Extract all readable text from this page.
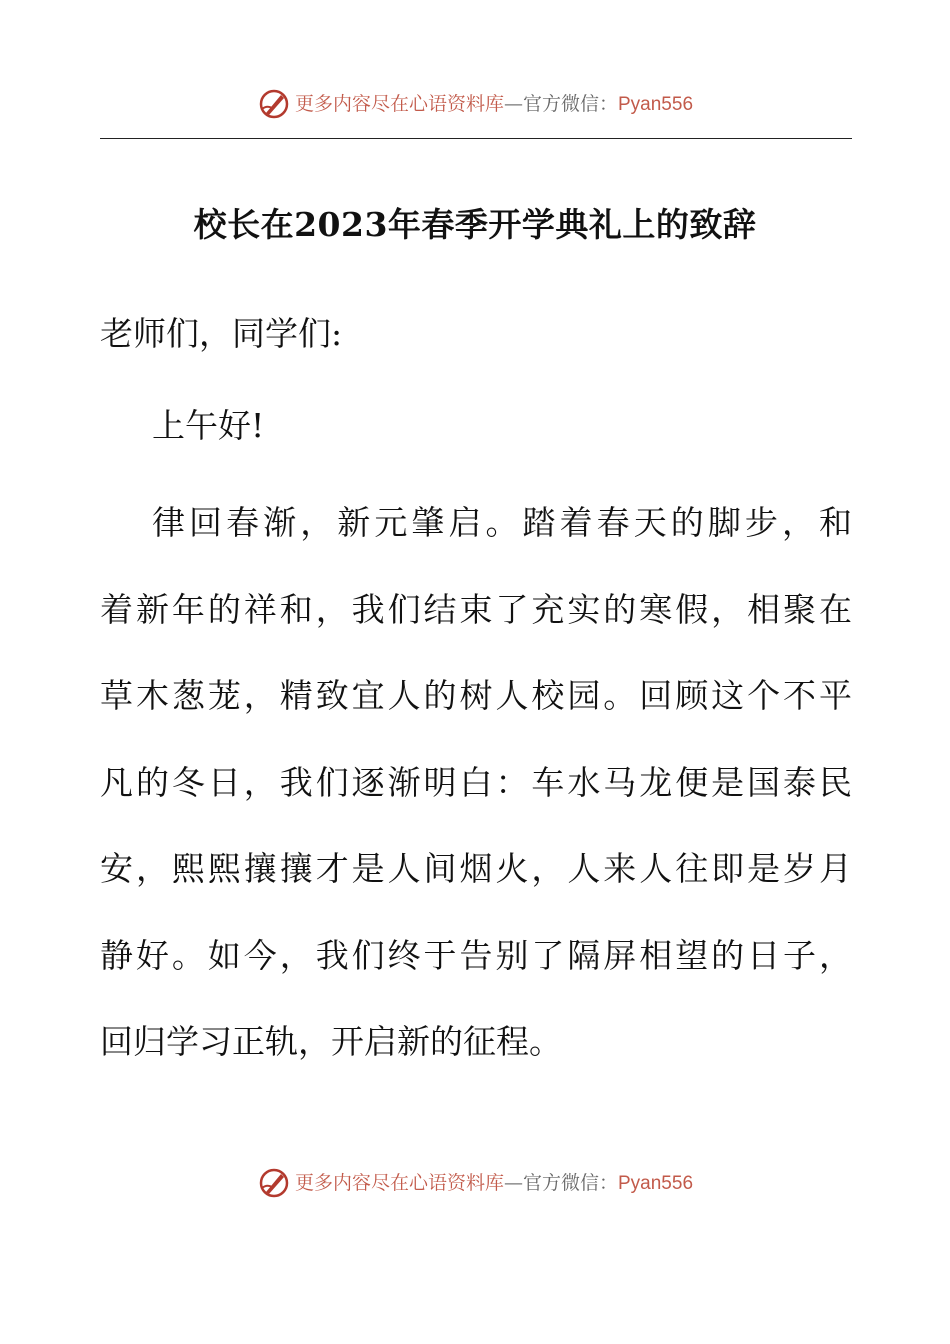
更多内容尽在心语资料库—官方微信：Pyan556
校长在2023年春季开学典礼上的致辞

老师们，同学们:

上午好!

律回春渐，新元肇启。踏着春天的脚步，和
着新年的祥和，我们结束了充实的寒假，相聚在
草木葱茏，精致宜人的树人校园。回顾这个不平
凡的冬日，我们逐渐明白：车水马龙便是国泰民
安，熙熙攘攘才是人间烟火，人来人往即是岁月
静好。如今，我们终于告别了隔屏相望的日子，
回归学习正轨，开启新的征程。
更多内容尽在心语资料库—官方微信：Pyan556
